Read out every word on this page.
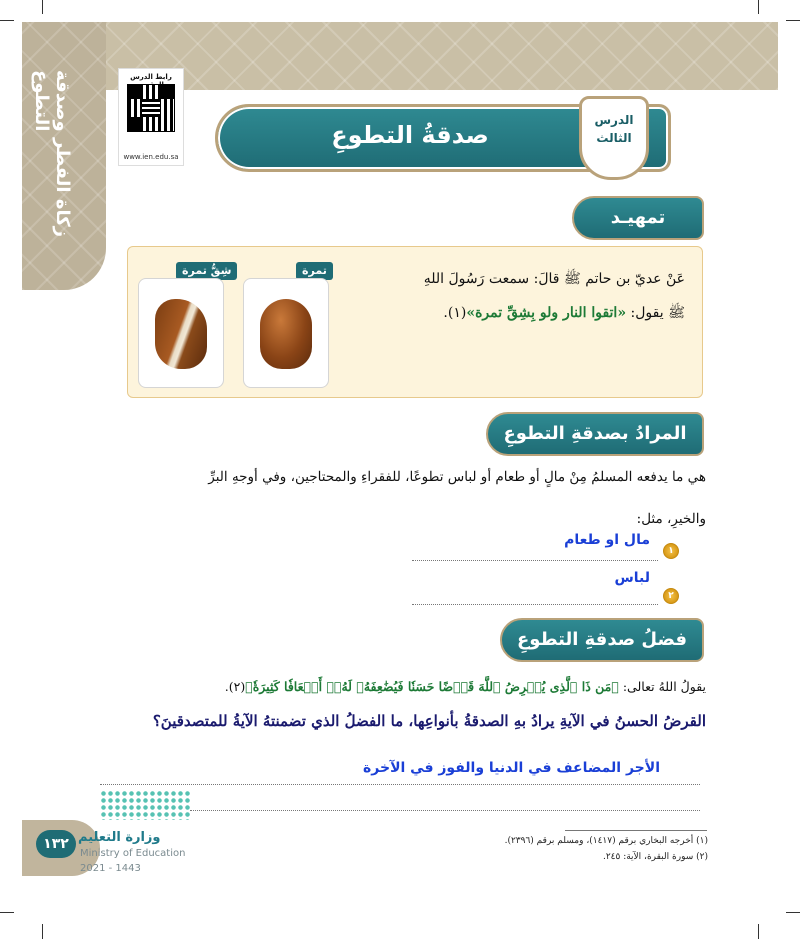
زكاة الفطر وصدقة التطوع	رابط الدرس
www.ien.edu.sa
صدقةُ التطوعِ
الدرس
الثالث
تمهيـد
عَنْ عديّ بن حاتم ﷺ قالَ: سمعت رَسُولَ اللهِ
ﷺ يقول: «اتقوا النار ولو بِشِقِّ تمرة»(١).
تمرة
شِقُّ تمرة
المرادُ بصدقةِ التطوعِ
هي ما يدفعه المسلمُ مِنْ مالٍ أو طعام أو لباس تطوعًا، للفقراءِ والمحتاجين، وفي أوجهِ البرِّ
والخيرِ، مثل:
١
مال او طعام
٢
لباس
فضلُ صدقةِ التطوعِ
يقولُ اللهُ تعالى: ﴿مَن ذَا ٱلَّذِى يُقۡرِضُ ٱللَّهَ قَرۡضًا حَسَنٗا فَيُضَٰعِفَهُۥ لَهُۥٓ أَضۡعَافٗا كَثِيرَةٗ﴾(٢).
القرضُ الحسنُ في الآيةِ يرادُ بهِ الصدقةُ بأنواعِها، ما الفضلُ الذي تضمنتهُ الآيةُ للمتصدقينَ؟
الأجر المضاعف في الدنيا والفوز في الآخرة
(١) أخرجه البخاري برقم (١٤١٧)، ومسلم برقم (٢٣٩٦).
(٢) سورة البقرة، الآية: ٢٤٥.
١٣٢ وزارة التعليم
Ministry of Education
2021 - 1443
